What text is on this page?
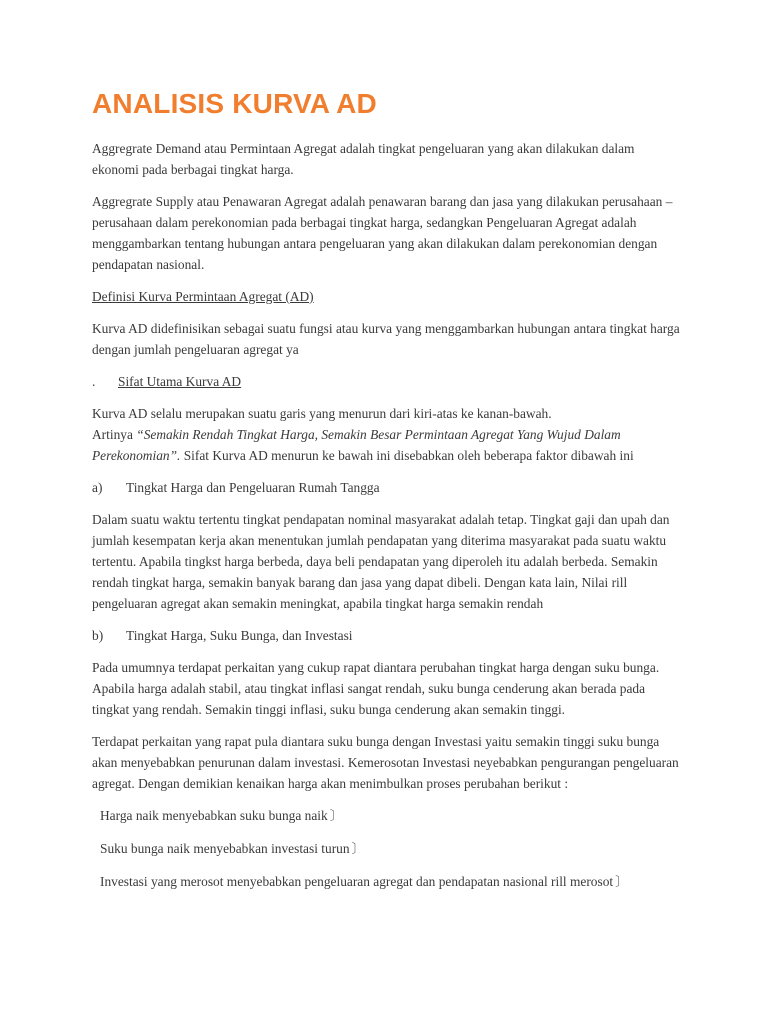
ANALISIS KURVA AD

Aggregrate Demand atau Permintaan Agregat adalah tingkat pengeluaran yang akan dilakukan dalam ekonomi pada berbagai tingkat harga.

Aggregrate Supply atau Penawaran Agregat adalah penawaran barang dan jasa yang dilakukan perusahaan – perusahaan dalam perekonomian pada berbagai tingkat harga, sedangkan Pengeluaran Agregat adalah menggambarkan tentang hubungan antara pengeluaran yang akan dilakukan dalam perekonomian dengan pendapatan nasional.

Definisi Kurva Permintaan Agregat (AD)

Kurva AD didefinisikan sebagai suatu fungsi atau kurva yang menggambarkan hubungan antara tingkat harga dengan jumlah pengeluaran agregat ya

.	Sifat Utama Kurva AD

Kurva AD selalu merupakan suatu garis yang menurun dari kiri-atas ke kanan-bawah.
Artinya “Semakin Rendah Tingkat Harga, Semakin Besar Permintaan Agregat Yang Wujud Dalam Perekonomian”. Sifat Kurva AD menurun ke bawah ini disebabkan oleh beberapa faktor dibawah ini

a)	Tingkat Harga dan Pengeluaran Rumah Tangga

Dalam suatu waktu tertentu tingkat pendapatan nominal masyarakat adalah tetap. Tingkat gaji dan upah dan jumlah kesempatan kerja akan menentukan jumlah pendapatan yang diterima masyarakat pada suatu waktu tertentu. Apabila tingkst harga berbeda, daya beli pendapatan yang diperoleh itu adalah berbeda. Semakin rendah tingkat harga, semakin banyak barang dan jasa yang dapat dibeli. Dengan kata lain, Nilai rill pengeluaran agregat akan semakin meningkat, apabila tingkat harga semakin rendah

b)	Tingkat Harga, Suku Bunga, dan Investasi

Pada umumnya terdapat perkaitan yang cukup rapat diantara perubahan tingkat harga dengan suku bunga. Apabila harga adalah stabil, atau tingkat inflasi sangat rendah, suku bunga cenderung akan berada pada tingkat yang rendah. Semakin tinggi inflasi, suku bunga cenderung akan semakin tinggi.

Terdapat perkaitan yang rapat pula diantara suku bunga dengan Investasi yaitu semakin tinggi suku bunga akan menyebabkan penurunan dalam investasi. Kemerosotan Investasi neyebabkan pengurangan pengeluaran agregat. Dengan demikian kenaikan harga akan menimbulkan proses perubahan berikut :

Harga naik menyebabkan suku bunga naik 〕

Suku bunga naik menyebabkan investasi turun 〕

Investasi yang merosot menyebabkan pengeluaran agregat dan pendapatan nasional rill merosot 〕
